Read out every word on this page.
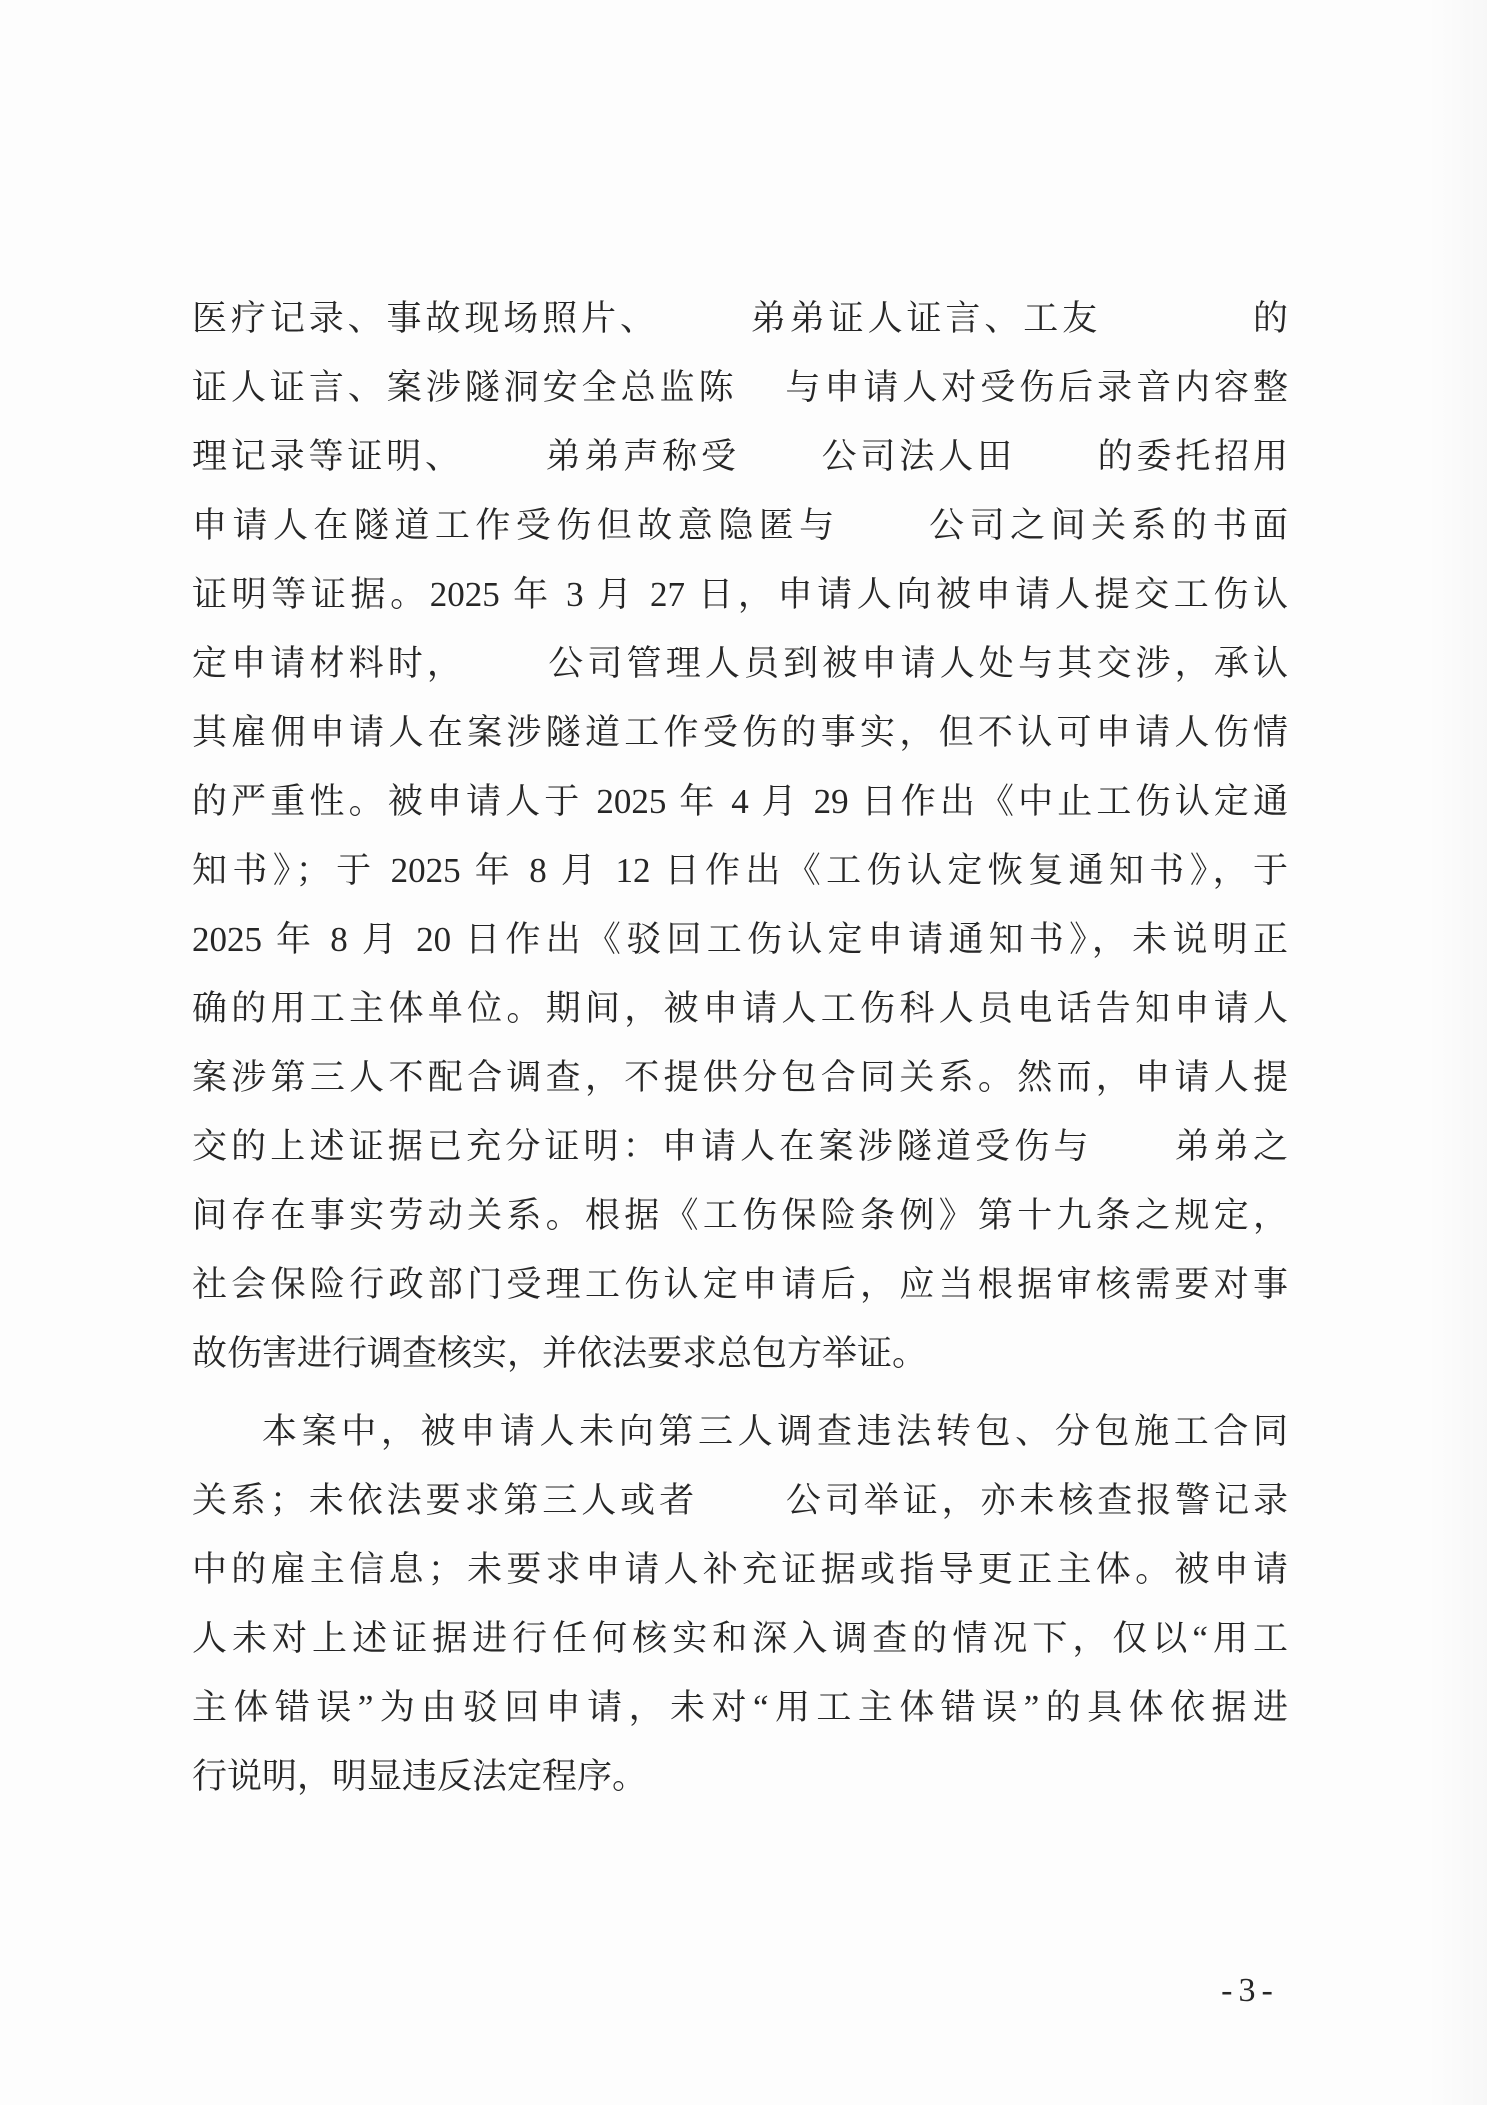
医疗记录、事故现场照片、	弟弟证人证言、工友	的
证人证言、案涉隧洞安全总监陈 与申请人对受伤后录音内容整
理记录等证明、 弟弟声称受 公司法人田 的委托招用
申请人在隧道工作受伤但故意隐匿与 公司之间关系的书面
证明等证据。2025 年 3 月 27 日，申请人向被申请人提交工伤认
定申请材料时， 公司管理人员到被申请人处与其交涉，承认
其雇佣申请人在案涉隧道工作受伤的事实，但不认可申请人伤情
的严重性。被申请人于 2025 年 4 月 29 日作出《中止工伤认定通
知书》；于 2025 年 8 月 12 日作出《工伤认定恢复通知书》，于
2025 年 8 月 20 日作出《驳回工伤认定申请通知书》，未说明正
确的用工主体单位。期间，被申请人工伤科人员电话告知申请人
案涉第三人不配合调查，不提供分包合同关系。然而，申请人提
交的上述证据已充分证明：申请人在案涉隧道受伤与 弟弟之
间存在事实劳动关系。根据《工伤保险条例》第十九条之规定，
社会保险行政部门受理工伤认定申请后，应当根据审核需要对事
故伤害进行调查核实，并依法要求总包方举证。
本案中，被申请人未向第三人调查违法转包、分包施工合同
关系；未依法要求第三人或者 公司举证，亦未核查报警记录
中的雇主信息；未要求申请人补充证据或指导更正主体。被申请
人未对上述证据进行任何核实和深入调查的情况下，仅以“用工
主体错误”为由驳回申请，未对“用工主体错误”的具体依据进
行说明，明显违反法定程序。
-3-
